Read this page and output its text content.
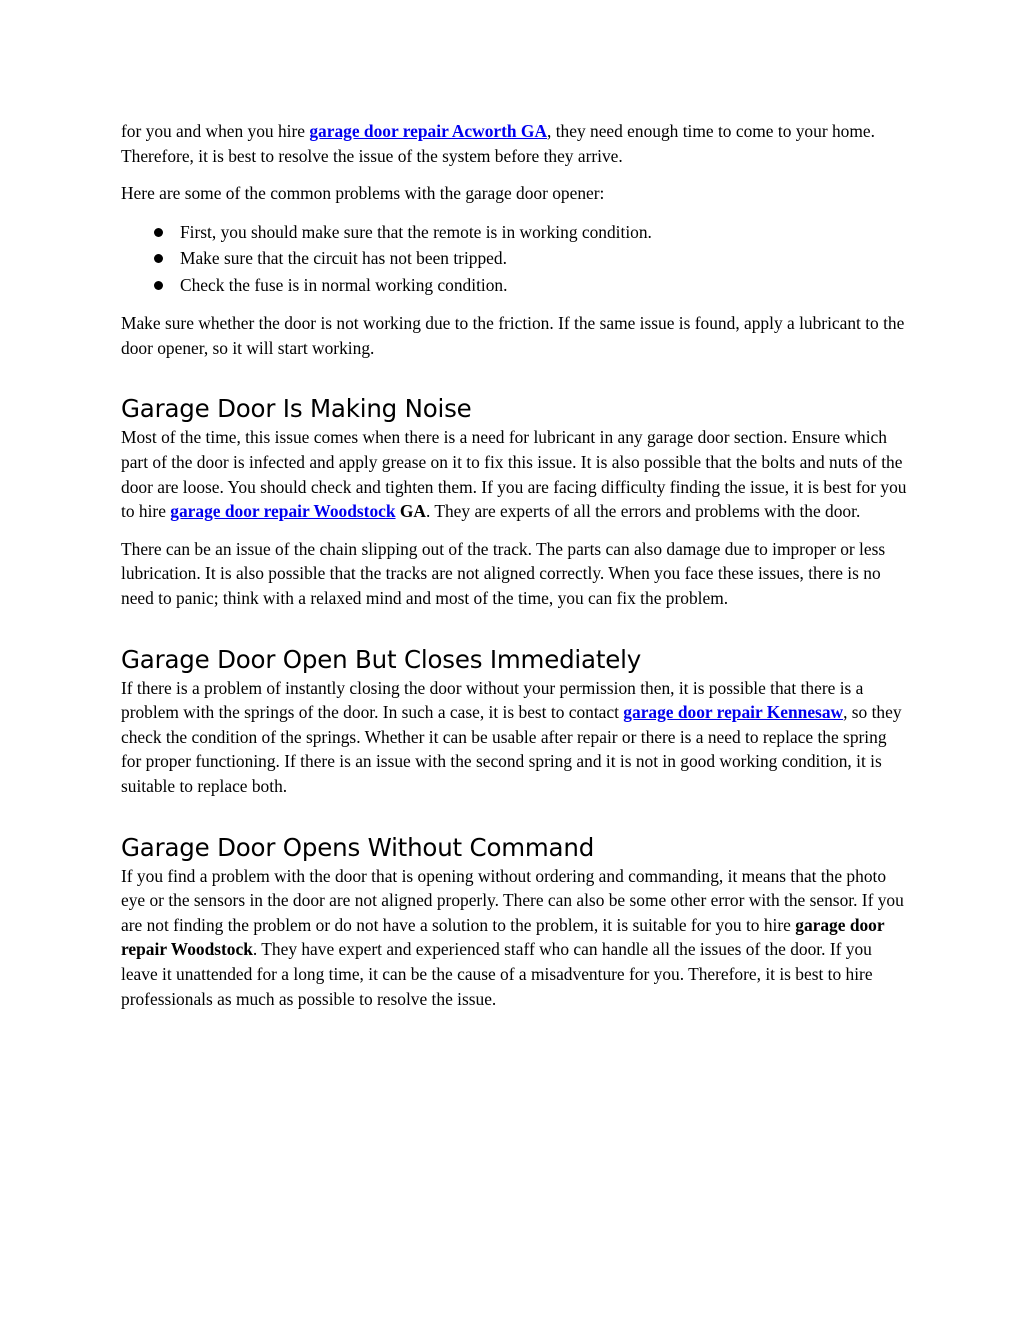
for you and when you hire garage door repair Acworth GA, they need enough time to come to your home. Therefore, it is best to resolve the issue of the system before they arrive.

Here are some of the common problems with the garage door opener:

First, you should make sure that the remote is in working condition.
Make sure that the circuit has not been tripped.
Check the fuse is in normal working condition.

Make sure whether the door is not working due to the friction. If the same issue is found, apply a lubricant to the door opener, so it will start working.

Garage Door Is Making Noise

Most of the time, this issue comes when there is a need for lubricant in any garage door section. Ensure which part of the door is infected and apply grease on it to fix this issue. It is also possible that the bolts and nuts of the door are loose. You should check and tighten them. If you are facing difficulty finding the issue, it is best for you to hire garage door repair Woodstock GA. They are experts of all the errors and problems with the door.

There can be an issue of the chain slipping out of the track. The parts can also damage due to improper or less lubrication. It is also possible that the tracks are not aligned correctly. When you face these issues, there is no need to panic; think with a relaxed mind and most of the time, you can fix the problem.

Garage Door Open But Closes Immediately

If there is a problem of instantly closing the door without your permission then, it is possible that there is a problem with the springs of the door. In such a case, it is best to contact garage door repair Kennesaw, so they check the condition of the springs. Whether it can be usable after repair or there is a need to replace the spring for proper functioning. If there is an issue with the second spring and it is not in good working condition, it is suitable to replace both.

Garage Door Opens Without Command

If you find a problem with the door that is opening without ordering and commanding, it means that the photo eye or the sensors in the door are not aligned properly. There can also be some other error with the sensor. If you are not finding the problem or do not have a solution to the problem, it is suitable for you to hire garage door repair Woodstock. They have expert and experienced staff who can handle all the issues of the door. If you leave it unattended for a long time, it can be the cause of a misadventure for you. Therefore, it is best to hire professionals as much as possible to resolve the issue.
